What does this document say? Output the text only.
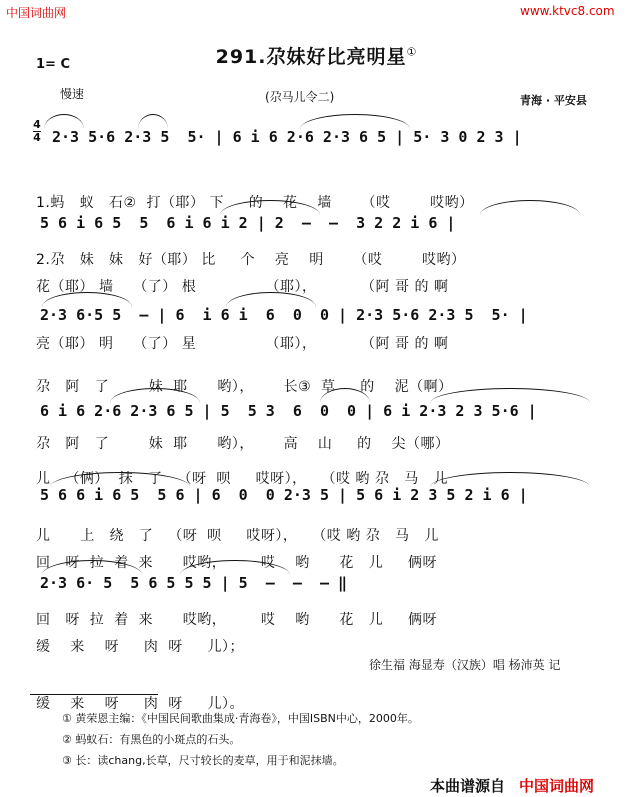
中国词曲网	www.ktvc8.com
291.尕妹好比亮明星①
1= C
慢速	(尕马儿令二)	青海 · 平安县
4
4

2·3 5·6 2·3 5  5· | 6 i 6 2·6 2·3 6 5 | 5· 3 0 2 3 |

1.蚂   蚁   石②  打（耶） 下     的    花    墙      （哎        哎哟）

2.尕   妹   妹   好（耶） 比     个    亮    明      （哎        哎哟）

5 6 i 6 5  5  6 i 6 i 2 | 2  –  –  3 2 2 i 6 |

花（耶） 墙    （了） 根              （耶），         （阿 哥 的 啊

亮（耶） 明    （了） 星              （耶），         （阿 哥 的 啊

2·3 6·5 5  – | 6  i 6 i  6  0  0 | 2·3 5·6 2·3 5  5· |

尕   阿   了        妹  耶      哟），      长③  草     的    泥（啊）

尕   阿   了        妹  耶      哟），      高    山     的    尖（哪）

6 i 6 2·6 2·3 6 5 | 5  5 3  6  0  0 | 6 i 2·3 2 3 5·6 |

儿   （俩）  抹   了   （呀  呗     哎呀），   （哎 哟 尕   马   儿

儿      上   绕   了   （呀  呗     哎呀），   （哎 哟 尕   马   儿

5 6 6 i 6 5  5 6 | 6  0  0 2·3 5 | 5 6 i 2 3 5 2 i 6 |

回   呀  拉  着  来      哎哟，       哎    哟      花   儿     俩呀

回   呀  拉  着  来      哎哟，       哎    哟      花   儿     俩呀

2·3 6· 5  5 6 5 5 5 | 5  –  –  – ‖

缓    来    呀     肉  呀     儿）；

缓    来    呀     肉  呀     儿）。

徐生福 海显寿（汉族）唱 杨沛英 记
① 黄荣恩主编：《中国民间歌曲集成·青海卷》，中国ISBN中心，2000年。
② 蚂蚁石：有黑色的小斑点的石头。
③ 长：读chang,长草，尺寸较长的麦草，用于和泥抹墙。
本曲谱源自 中国词曲网
